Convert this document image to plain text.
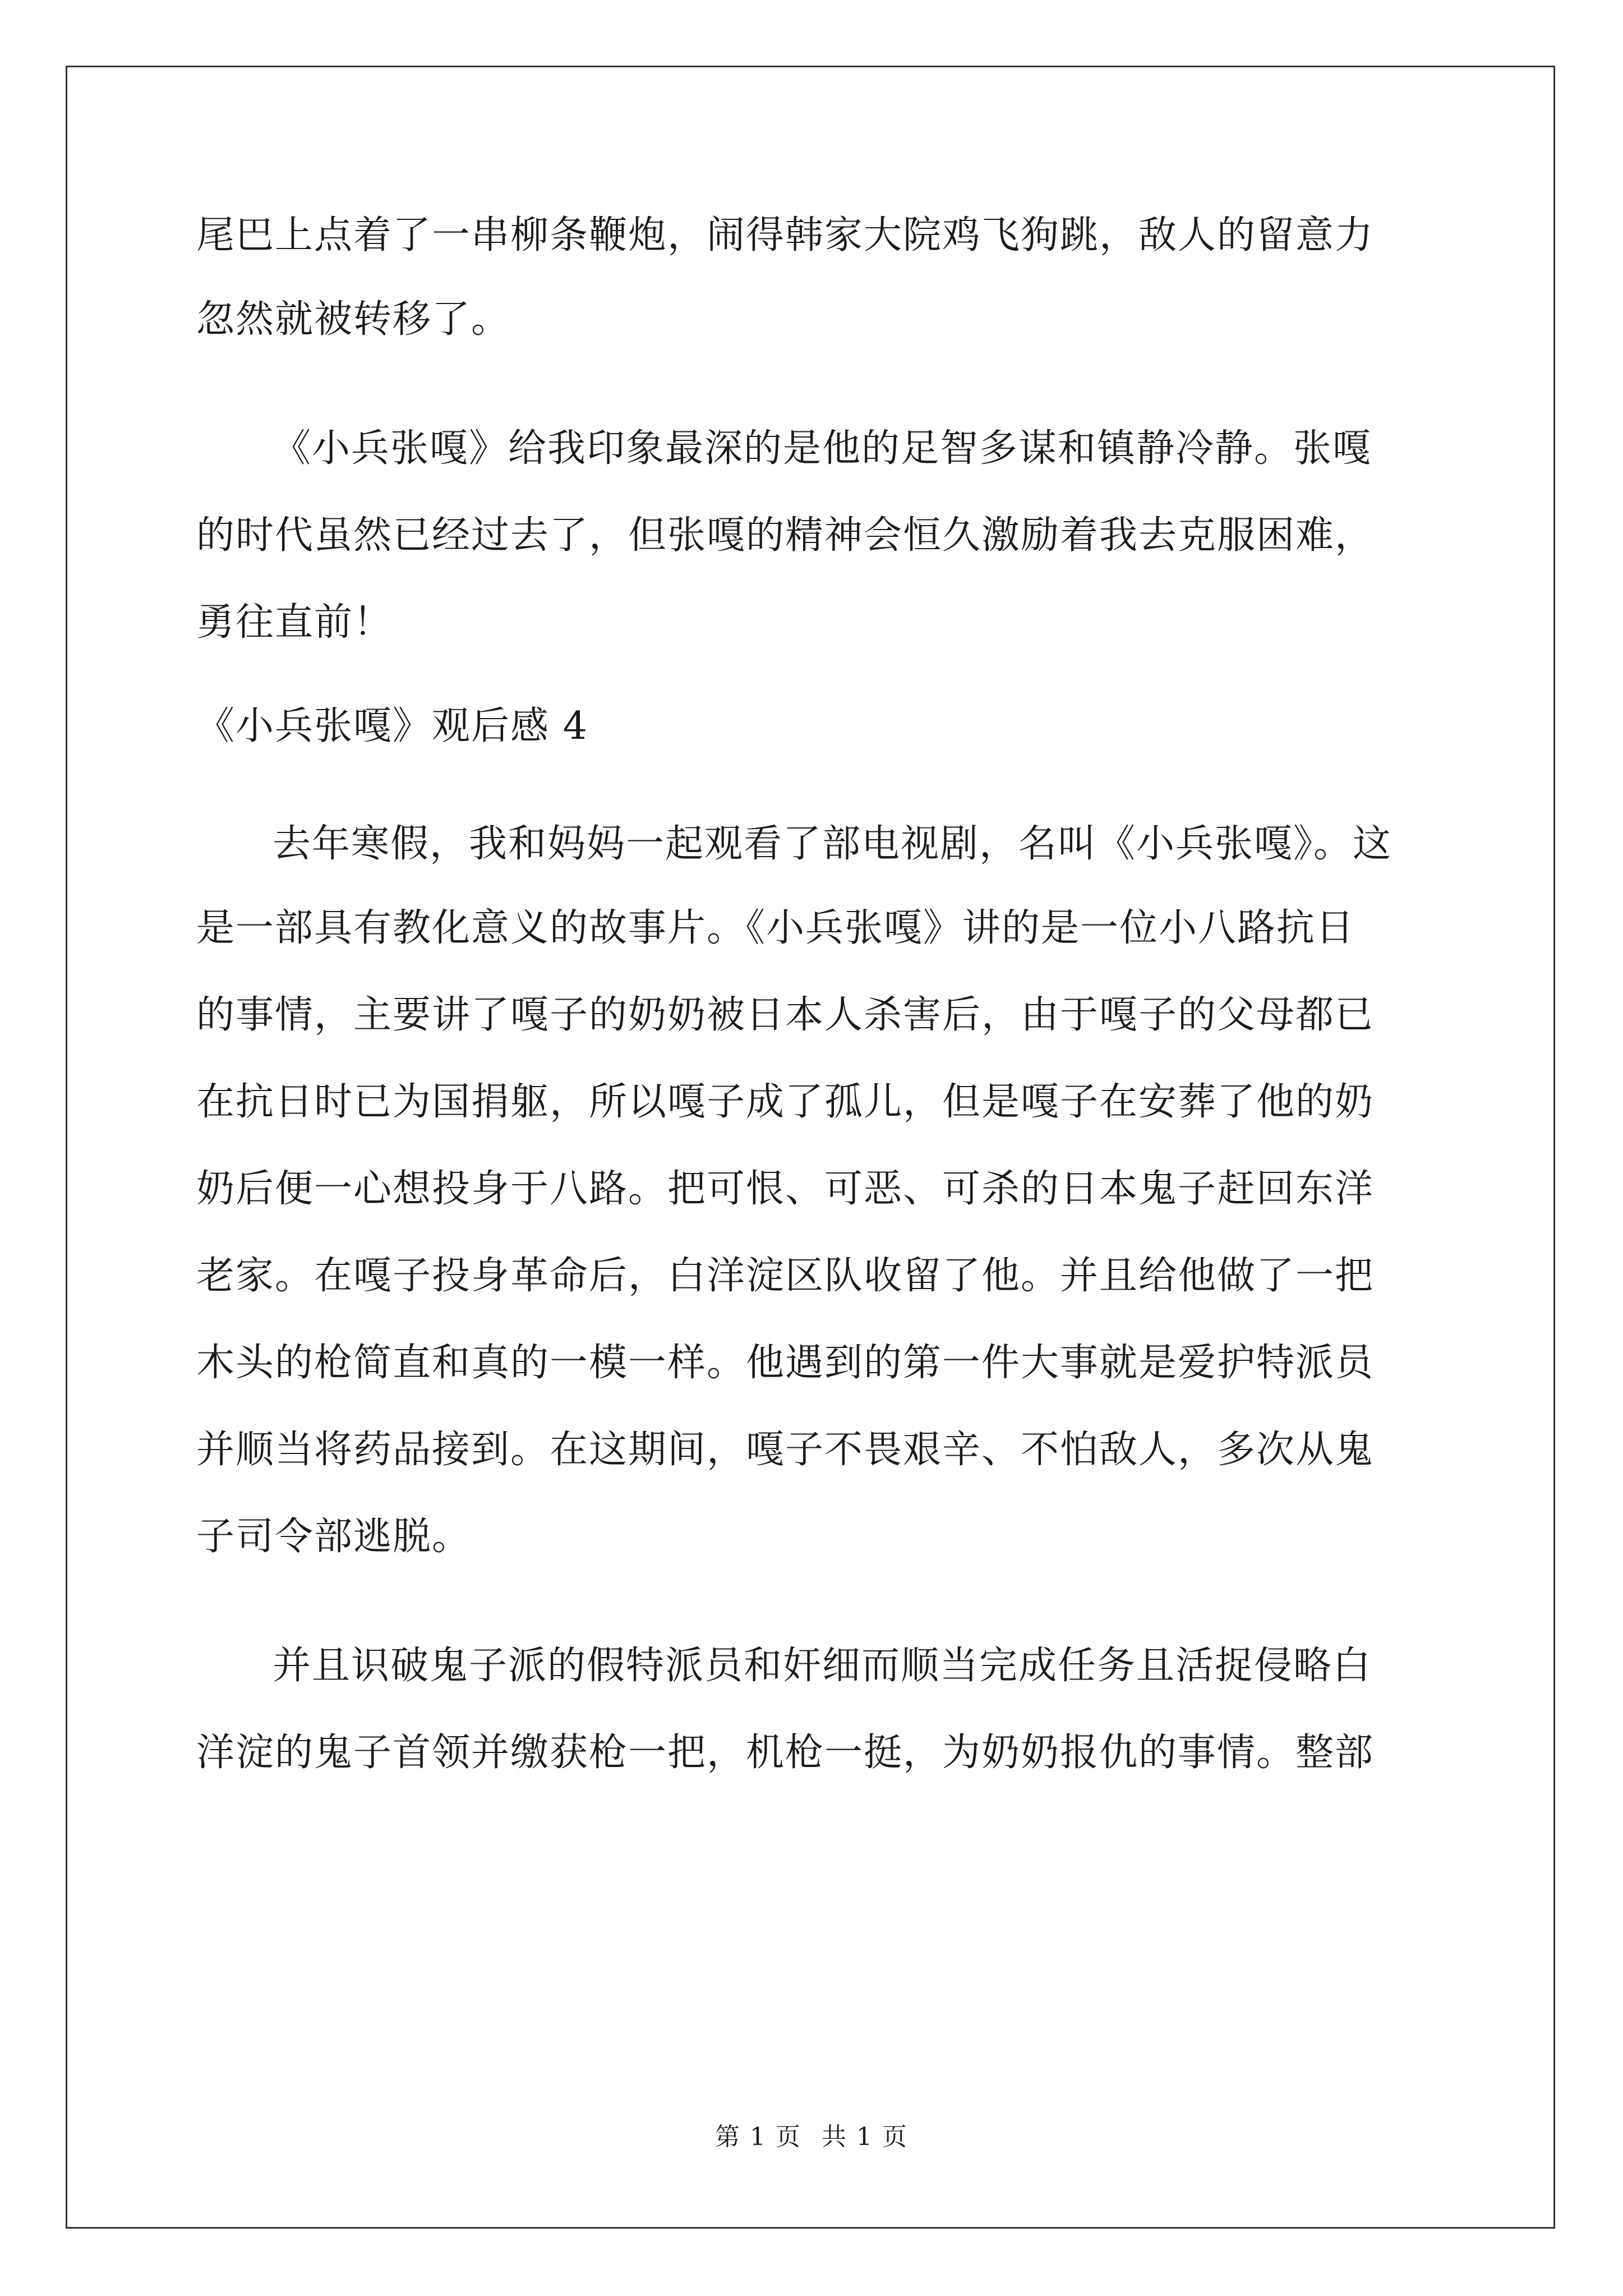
尾巴上点着了一串柳条鞭炮，闹得韩家大院鸡飞狗跳，敌人的留意力
忽然就被转移了。
《小兵张嘎》给我印象最深的是他的足智多谋和镇静冷静。张嘎
的时代虽然已经过去了，但张嘎的精神会恒久激励着我去克服困难，
勇往直前！
《小兵张嘎》观后感 4
去年寒假，我和妈妈一起观看了部电视剧，名叫《小兵张嘎》。这
是一部具有教化意义的故事片。《小兵张嘎》讲的是一位小八路抗日
的事情，主要讲了嘎子的奶奶被日本人杀害后，由于嘎子的父母都已
在抗日时已为国捐躯，所以嘎子成了孤儿，但是嘎子在安葬了他的奶
奶后便一心想投身于八路。把可恨、可恶、可杀的日本鬼子赶回东洋
老家。在嘎子投身革命后，白洋淀区队收留了他。并且给他做了一把
木头的枪简直和真的一模一样。他遇到的第一件大事就是爱护特派员
并顺当将药品接到。在这期间，嘎子不畏艰辛、不怕敌人，多次从鬼
子司令部逃脱。
并且识破鬼子派的假特派员和奸细而顺当完成任务且活捉侵略白
洋淀的鬼子首领并缴获枪一把，机枪一挺，为奶奶报仇的事情。整部
第 1 页 共 1 页
